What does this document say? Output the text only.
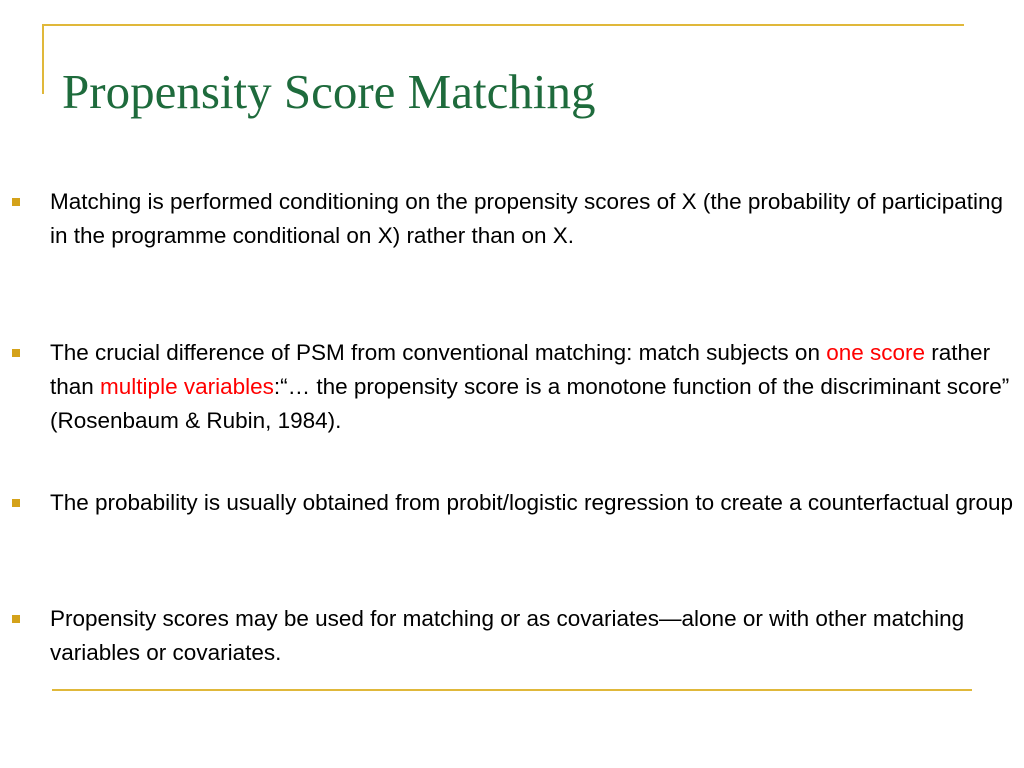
Propensity Score Matching
Matching is performed conditioning on the propensity scores of X (the probability of participating in the programme conditional on X) rather than on X.
The crucial difference of PSM from conventional matching: match subjects on one score rather than multiple variables:“… the propensity score is a monotone function of the discriminant score” (Rosenbaum & Rubin, 1984).
The probability is usually obtained from probit/logistic regression to create a counterfactual group
Propensity scores may be used for matching or as covariates—alone or with other matching variables or covariates.
